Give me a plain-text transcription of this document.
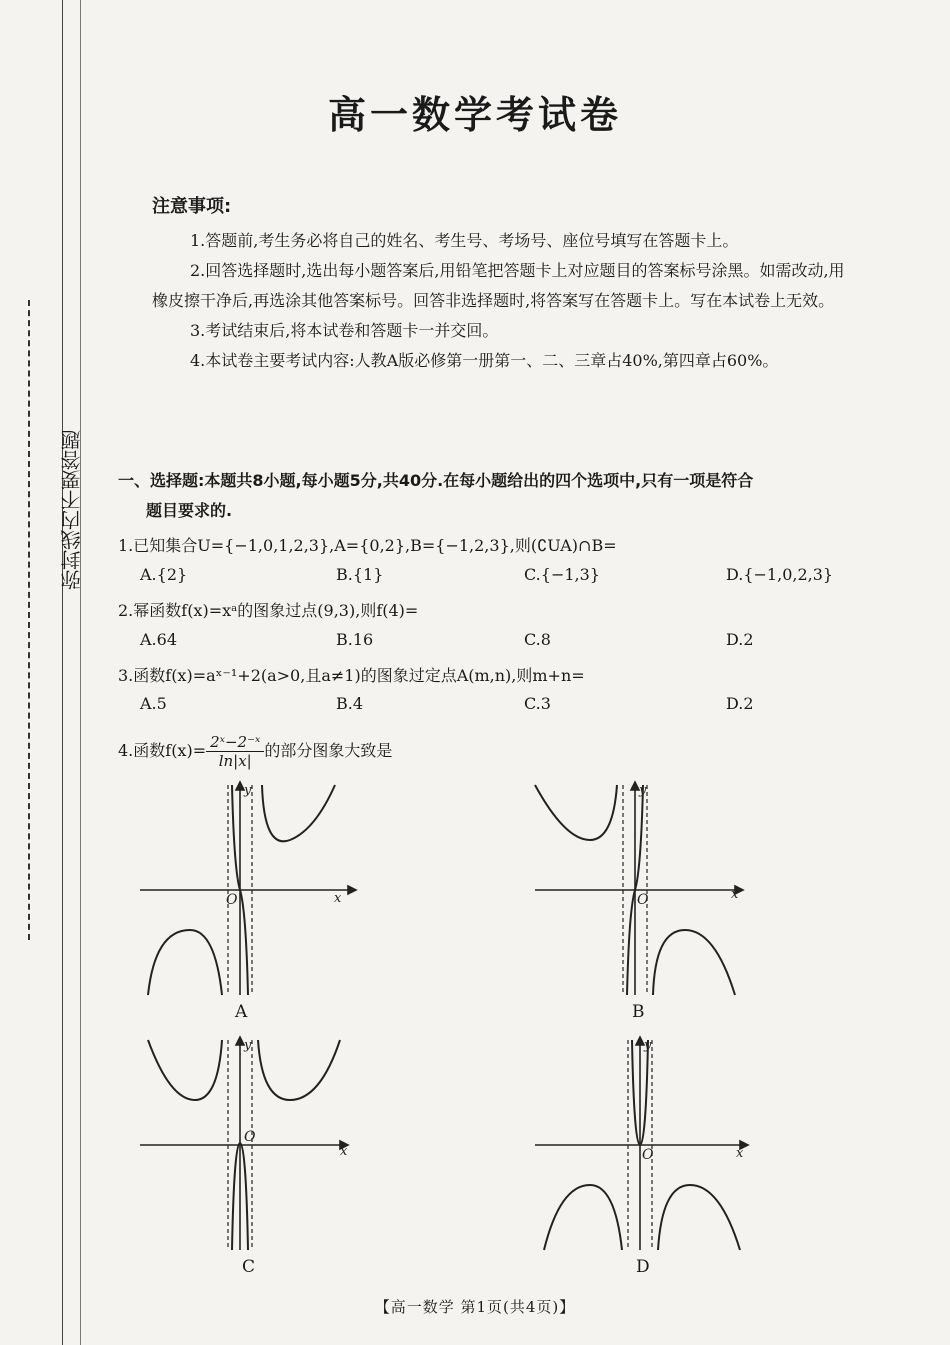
弥封线内不要答题
高一数学考试卷
注意事项:

1.答题前,考生务必将自己的姓名、考生号、考场号、座位号填写在答题卡上。

2.回答选择题时,选出每小题答案后,用铅笔把答题卡上对应题目的答案标号涂黑。如需改动,用橡皮擦干净后,再选涂其他答案标号。回答非选择题时,将答案写在答题卡上。写在本试卷上无效。

3.考试结束后,将本试卷和答题卡一并交回。

4.本试卷主要考试内容:人教A版必修第一册第一、二、三章占40%,第四章占60%。

一、选择题:本题共8小题,每小题5分,共40分.在每小题给出的四个选项中,只有一项是符合
题目要求的.
1.已知集合U={−1,0,1,2,3},A={0,2},B={−1,2,3},则(∁UA)∩B=
A.{2}	B.{1}	C.{−1,3}	D.{−1,0,2,3}
2.幂函数f(x)=xᵃ的图象过点(9,3),则f(4)=
A.64	B.16	C.8	D.2
3.函数f(x)=aˣ⁻¹+2(a>0,且a≠1)的图象过定点A(m,n),则m+n=
A.5	B.4	C.3	D.2
4.函数$f(x)= \frac{\text{2ˣ−2⁻ˣ}}{\ln|x|}$ 的部分图象大致是
O	x
y
A
O	x
y
B
O
x
y
C
O	x
y
D
【高一数学 第1页(共4页)】
